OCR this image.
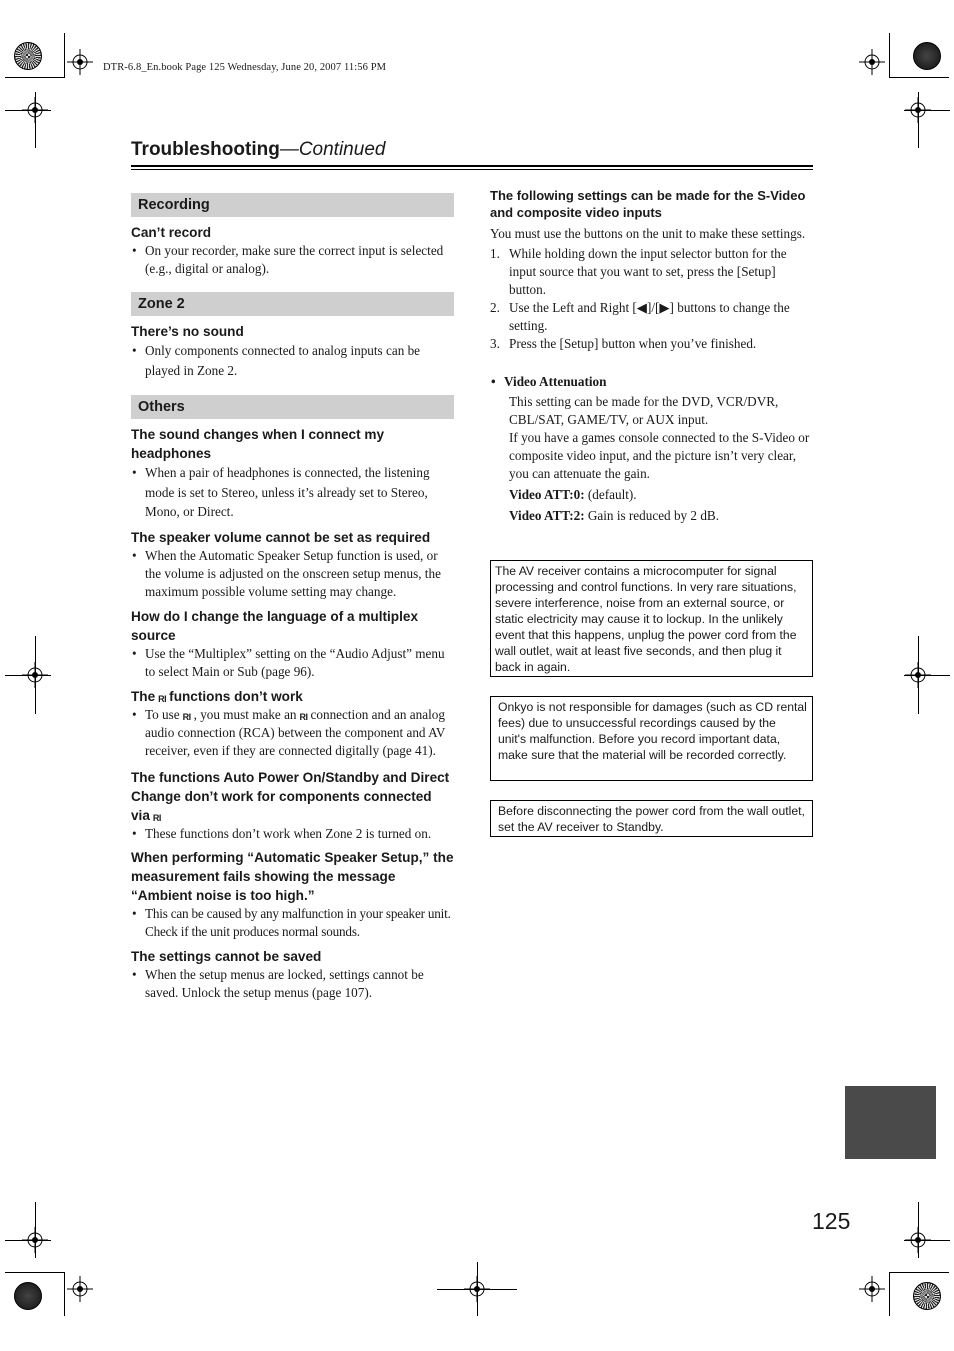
DTR-6.8_En.book Page 125 Wednesday, June 20, 2007 11:56 PM
Troubleshooting—Continued
Recording
Can’t record
• On your recorder, make sure the correct input is selected (e.g., digital or analog).
Zone 2
There’s no sound
• Only components connected to analog inputs can be played in Zone 2.
Others
The sound changes when I connect my headphones
• When a pair of headphones is connected, the listening mode is set to Stereo, unless it’s already set to Stereo, Mono, or Direct.
The speaker volume cannot be set as required
• When the Automatic Speaker Setup function is used, or the volume is adjusted on the onscreen setup menus, the maximum possible volume setting may change.
How do I change the language of a multiplex source
• Use the “Multiplex” setting on the “Audio Adjust” menu to select Main or Sub (page 96).
The RI functions don’t work
• To use RI , you must make an RI connection and an analog audio connection (RCA) between the component and AV receiver, even if they are connected digitally (page 41).
The functions Auto Power On/Standby and Direct Change don’t work for components connected via RI
• These functions don’t work when Zone 2 is turned on.
When performing “Automatic Speaker Setup,” the measurement fails showing the message “Ambient noise is too high.”
• This can be caused by any malfunction in your speaker unit. Check if the unit produces normal sounds.
The settings cannot be saved
• When the setup menus are locked, settings cannot be saved. Unlock the setup menus (page 107).
The following settings can be made for the S-Video and composite video inputs
You must use the buttons on the unit to make these settings.
1. While holding down the input selector button for the input source that you want to set, press the [Setup] button.
2. Use the Left and Right [◀]/[▶] buttons to change the setting.
3. Press the [Setup] button when you’ve finished.
• Video Attenuation
This setting can be made for the DVD, VCR/DVR, CBL/SAT, GAME/TV, or AUX input.
If you have a games console connected to the S-Video or composite video input, and the picture isn’t very clear, you can attenuate the gain.
Video ATT:0: (default).
Video ATT:2: Gain is reduced by 2 dB.
The AV receiver contains a microcomputer for signal processing and control functions. In very rare situations, severe interference, noise from an external source, or static electricity may cause it to lockup. In the unlikely event that this happens, unplug the power cord from the wall outlet, wait at least five seconds, and then plug it back in again.
Onkyo is not responsible for damages (such as CD rental fees) due to unsuccessful recordings caused by the unit's malfunction. Before you record important data, make sure that the material will be recorded correctly.
Before disconnecting the power cord from the wall outlet, set the AV receiver to Standby.
125
